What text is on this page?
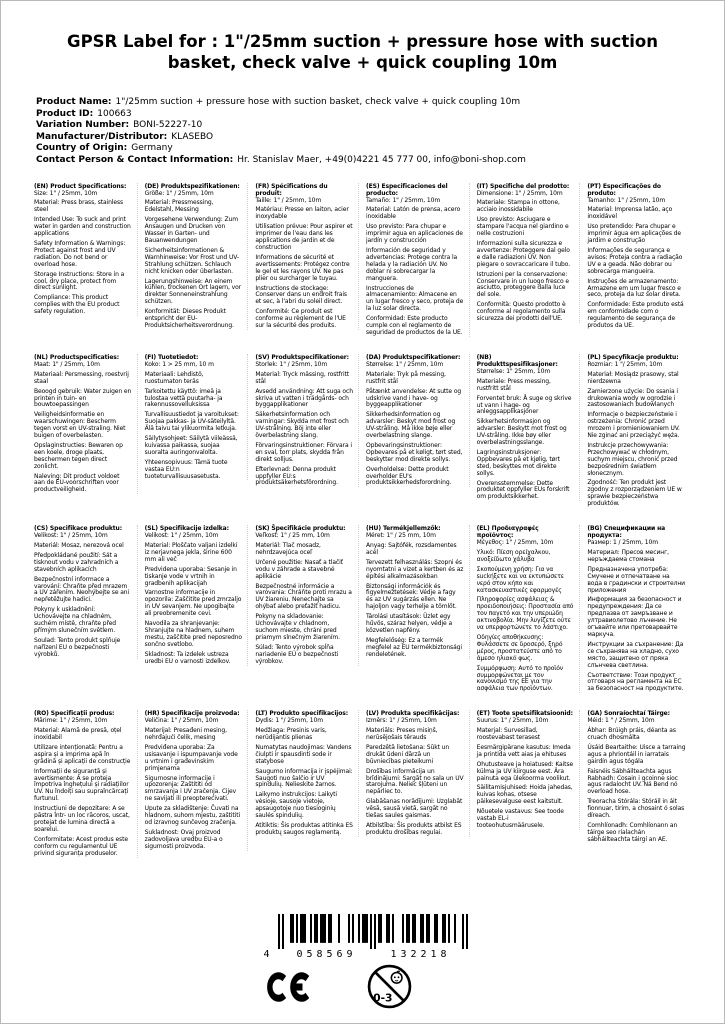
GPSR Label for : 1"/25mm suction + pressure hose with suction basket, check valve + quick coupling 10m
Product Name: 1"/25mm suction + pressure hose with suction basket, check valve + quick coupling 10m
Product ID: 100663
Variation Number: BONI-52227-10
Manufacturer/Distributor: KLASEBO
Country of Origin: Germany
Contact Person & Contact Information: Hr. Stanislav Maer, +49(0)4221 45 777 00, info@boni-shop.com
(EN) Product Specifications:

Size: 1" / 25mm, 10m

Material: Press brass, stainless steel

Intended Use: To suck and print water in garden and construction applications

Safety Information & Warnings: Protect against frost and UV radiation. Do not bend or overload hose.

Storage Instructions: Store in a cool, dry place, protect from direct sunlight.

Compliance: This product complies with the EU product safety regulation.

(DE) Produktspezifikationen:

Größe: 1" / 25mm, 10m

Material: Pressmessing, Edelstahl, Messing

Vorgesehene Verwendung: Zum Ansaugen und Drucken von Wasser in Garten- und Bauanwendungen

Sicherheitsinformationen & Warnhinweise: Vor Frost und UV-Strahlung schützen. Schlauch nicht knicken oder überlasten.

Lagerungshinweise: An einem kühlen, trockenen Ort lagern, vor direkter Sonneneinstrahlung schützen.

Konformität: Dieses Produkt entspricht der EU-Produktsicherheitsverordnung.

(FR) Spécifications du produit:

Taille: 1" / 25mm, 10m

Matériau: Presse en laiton, acier inoxydable

Utilisation prévue: Pour aspirer et imprimer de l'eau dans les applications de jardin et de construction

Informations de sécurité et avertissements: Protégez contre le gel et les rayons UV. Ne pas plier ou surcharger le tuyau.

Instructions de stockage: Conserver dans un endroit frais et sec, à l'abri du soleil direct.

Conformité: Ce produit est conforme au règlement de l'UE sur la sécurité des produits.

(ES) Especificaciones del producto:

Tamaño: 1" / 25mm, 10m

Material: Latón de prensa, acero inoxidable

Uso previsto: Para chupar e imprimir agua en aplicaciones de jardín y construcción

Información de seguridad y advertencias: Protege contra la helada y la radiación UV. No doblar ni sobrecargar la manguera.

Instrucciones de almacenamiento: Almacene en un lugar fresco y seco, proteja de la luz solar directa.

Conformidad: Este producto cumple con el reglamento de seguridad de productos de la UE.

(IT) Specifiche del prodotto:

Dimensione: 1" / 25mm, 10m

Materiale: Stampa in ottone, acciaio inossidabile

Uso previsto: Asciugare e stampare l'acqua nel giardino e nelle costruzioni

Informazioni sulla sicurezza e avvertenze: Proteggere dal gelo e dalle radiazioni UV. Non piegare o sovraccaricare il tubo.

Istruzioni per la conservazione: Conservare in un luogo fresco e asciutto, proteggere dalla luce del sole.

Conformità: Questo prodotto è conforme al regolamento sulla sicurezza dei prodotti dell'UE.

(PT) Especificações do produto:

Tamanho: 1" / 25mm, 10m

Material: Imprensa latão, aço inoxidável

Uso pretendido: Para chupar e imprimir água em aplicações de jardim e construção

Informações de segurança e avisos: Proteja contra a radiação UV e a geada. Não dobrar ou sobrecarga mangueira.

Instruções de armazenamento: Armazene em um lugar fresco e seco, proteja da luz solar direta.

Conformidade: Este produto está em conformidade com o regulamento de segurança de produtos da UE.

(NL) Productspecificaties:

Maat: 1" / 25mm, 10m

Materiaal: Persmessing, roestvrij staal

Beoogd gebruik: Water zuigen en printen in tuin- en bouwtoepassingen

Veiligheidsinformatie en waarschuwingen: Bescherm tegen vorst en UV-straling. Niet buigen of overbelasten.

Opslaginstructies: Bewaren op een koele, droge plaats, beschermen tegen direct zonlicht.

Naleving: Dit product voldoet aan de EU-voorschriften voor productveiligheid.

(FI) Tuotetiedot:

Koko: 1 > 25 mm, 10 m

Materiaali: Lehdistö, ruostumaton teräs

Tarkoitettu käyttö: imeä ja tulostaa vettä puutarha- ja rakennussovelluksissa

Turvallisuustiedot ja varoitukset: Suojaa pakkas- ja UV-säteilyltä. Älä taivu tai ylikuormita letkuja.

Säilytysohjeet: Säilytä viileässä, kuivassa paikassa, suojaa suoralta auringonvalolta.

Yhteensopivuus: Tämä tuote vastaa EU:n tuoteturvallisuusasetusta.

(SV) Produktspecifikationer:

Storlek: 1" / 25mm, 10m

Material: Tryck mässing, rostfritt stål

Avsedd användning: Att suga och skriva ut vatten i trädgårds- och byggapplikationer

Säkerhetsinformation och varningar: Skydda mot frost och UV-strålning. Böj inte eller överbelastning slang.

Förvaringsinstruktioner: Förvara i en sval, torr plats, skydda från direkt solljus.

Efterlevnad: Denna produkt uppfyller EU:s produktsäkerhetsförordning.

(DA) Produktspecifikationer:

Størrelse: 1" / 25mm, 10m

Materiale: Tryk på messing, rustfrit stål

Påtænkt anvendelse: At sutte og udskrive vand i have- og byggeapplikationer

Sikkerhedsinformation og advarsler: Beskyt mod frost og UV-stråling. Må ikke bøje eller overbelastning slange.

Opbevaringsinstruktioner: Opbevares på et køligt, tørt sted, beskytter mod direkte sollys.

Overholdelse: Dette produkt overholder EU's produktsikkerhedsforordning.

(NB) Produkttspesifikasjoner:

Størrelse: 1" 25mm, 10m

Materiale: Press messing, rustfritt stål

Forventet bruk: Å suge og skrive ut vann i hage- og anleggsapplikasjoner

Sikkerhetsinformasjon og advarsler: Beskytt mot frost og UV-stråling. Ikke bøy eller overbelastningsslange.

Lagringsinstruksjoner: Oppbevares på et kjølig, tørt sted, beskyttes mot direkte sollys.

Overensstemmelse: Dette produktet oppfyller EUs forskrift om produktsikkerhet.

(PL) Specyfikacje produktu:

Rozmiar: 1 "/ 25mm, 10m

Materiał: Mosiądz prasowy, stal nierdzewna

Zamierzone użycie: Do ssania i drukowania wody w ogrodzie i zastosowaniach budowlanych

Informacje o bezpieczeństwie i ostrzeżenia: Chronić przed mrozem i promieniowaniem UV. Nie zginać ani przeciążyć węża.

Instrukcje przechowywania: Przechowywać w chłodnym, suchym miejscu, chronić przed bezpośrednim światłem słonecznym.

Zgodność: Ten produkt jest zgodny z rozporządzeniem UE w sprawie bezpieczeństwa produktów.

(CS) Specifikace produktu:

Velikost: 1" / 25mm, 10m

Materiál: Mosaz, nerezová ocel

Předpokládané použití: Sát a tisknout vodu v zahradních a stavebních aplikacích

Bezpečnostní informace a varování: Chraňte před mrazem a UV zářením. Neohýbejte se ani nepřetěžujte hadici.

Pokyny k uskladnění: Uchovávejte na chladném, suchém místě, chraňte před přímým slunečním světlem.

Soulad: Tento produkt splňuje nařízení EU o bezpečnosti výrobků.

(SL) Specifikacije izdelka:

Velikost: 1" / 25mm, 10m

Material: Ploščato valjani izdelki iz nerjavnega jekla, širine 600 mm ali več

Predvidena uporaba: Sesanje in tiskanje vode v vrtnih in gradbenih aplikacijah

Varnostne informacije in opozorila: Zaščitite pred zmrzaljo in UV sevanjem. Ne upogibajte ali preobremenite cevi.

Navodila za shranjevanje: Shranjujte na hladnem, suhem mestu, zaščitite pred neposredno sončno svetlobo.

Skladnost: Ta izdelek ustreza uredbi EU o varnosti izdelkov.

(SK) Špecifikácie produktu:

Veľkosť: 1" / 25 mm, 10m

Materiál: Tlač mosadz, nehrdzavejúca oceľ

Určené použitie: Nasať a tlačiť vodu v záhrade a stavebné aplikácie

Bezpečnostné informácie a varovania: Chráňte proti mrazu a UV žiareniu. Nenechajte sa ohýbať alebo preťažiť hadicu.

Pokyny na skladovanie: Uchovávajte v chladnom, suchom mieste, chráni pred priamym slnečným žiarením.

Súlad: Tento výrobok spĺňa nariadenie EÚ o bezpečnosti výrobkov.

(HU) Termékjellemzők:

Méret: 1" / 25 mm, 10m

Anyag: Sajtófék, rozsdamentes acél

Tervezett felhasználás: Szopni és nyomtatni a vizet a kertben és az építési alkalmazásokban

Biztonsági információk és figyelmeztetések: Védje a fagy és az UV sugárzás ellen. Ne hajoljon vagy terhelje a tömlőt.

Tárolási utasítások: Üzlet egy hűvös, száraz helyen, védje a közvetlen napfény.

Megfelelőség: Ez a termék megfelel az EU termékbiztonsági rendeletének.

(EL) Προδιαγραφές προϊόντος:

Μέγεθος: 1" / 25mm, 10m

Υλικό: Πίεση ορείχαλκου, ανοξείδωτο χάλυβα

Σκοπούμενη χρήση: Για να suckήξετε και να εκτυπώσετε νερό στον κήπο και κατασκευαστικές εφαρμογές

Πληροφορίες ασφάλειας & προειδοποιήσεις: Προστασία από τον παγετό και την υπεριώδη ακτινοβολία. Μην λυγίζετε ούτε να υπερφορτώνετε το λάστιχο.

Οδηγίες αποθήκευσης: Φυλάσσετε σε δροσερό, ξηρό μέρος, προστατεύστε από το άμεσο ηλιακό φως.

Συμμόρφωση: Αυτό το προϊόν συμμορφώνεται με τον κανονισμό της ΕΕ για την ασφάλεια των προϊόντων.

(BG) Спецификации на продукта:

Размер: 1 / 25mm, 10m

Материал: Пресов месинг, неръждаема стомана

Предназначена употреба: Смучене и отпечатване на вода в градински и строителни приложения

Информация за безопасност и предупреждения: Да се предпазва от замръзване и ултравиолетово лъчение. Не огъвайте или претоварвайте маркуча.

Инструкции за съхранение: Да се съхранява на хладно, сухо място, защитено от пряка слънчева светлина.

Съответствие: Този продукт отговаря на регламента на ЕС за безопасност на продуктите.

(RO) Specificații produs:

Mărime: 1" / 25mm, 10m

Material: Alamă de presă, oțel inoxidabil

Utilizare intenționată: Pentru a aspira și a imprima apă în grădină și aplicații de construcție

Informații de siguranță și avertismente: A se proteja împotriva înghețului și radiațiilor UV. Nu îndoiți sau supraîncărcați furtunul.

Instrucțiuni de depozitare: A se păstra într- un loc răcoros, uscat, protejat de lumina directă a soarelui.

Conformitate: Acest produs este conform cu regulamentul UE privind siguranța produselor.

(HR) Specifikacije proizvoda:

Veličina: 1" / 25mm, 10m

Materijal: Presađeni mesing, nehrđajući čelik, mesing

Predviđena uporaba: Za usisavanje i ispumpavanje vode u vrtnim i građevinskim primjenama

Sigurnosne informacije i upozorenja: Zaštititi od smrzavanja i UV zračenja. Cijev ne savijati ili preopterećivati.

Upute za skladištenje: Čuvati na hladnom, suhom mjestu, zaštititi od izravnog sunčevog zračenja.

Sukladnost: Ovaj proizvod zadovoljava uredbu EU-a o sigurnosti proizvoda.

(LT) Produkto specifikacijos:

Dydis: 1 "/ 25mm, 10m

Medžiaga: Presinis varis, nerūdijantis plienas

Numatytas naudojimas: Vandens čiulpti ir spausdinti sode ir statybose

Saugumo informacija ir įspėjimai: Saugoti nuo šalčio ir UV spindulių. Nelieskite žarnos.

Laikymo instrukcijos: Laikyti vėsioje, sausoje vietoje, apsaugotoje nuo tiesioginių saulės spindulių.

Atitiktis: Šis produktas atitinka ES produktų saugos reglamentą.

(LV) Produkta specifikācijas:

Izmērs: 1" / 25mm, 10m

Materiāls: Preses misiņš, nerūsējošais tērauds

Paredzētā lietošana: Sūkt un drukāt ūdeni dārzā un būvniecības pieteikumi

Drošības informācija un brīdinājumi: Sargāt no sala un UV starojuma. Neliec šļūteni un nepārliec to.

Glabāšanas norādījumi: Uzglabāt vēsā, sausā vietā, sargāt no tiešas saules gaismas.

Atbilstība: Šis produkts atbilst ES produktu drošības regulai.

(ET) Toote spetsifikatsioonid:

Suurus: 1" / 25mm, 10m

Materjal: Survesillad, roostevabast terasest

Eesmärgipärane kasutus: Imeda ja printida vett aias ja ehituses

Ohutusteave ja hoiatused: Kaitse külma ja UV kiirguse eest. Ära painuta ega ülekoorma voolikut.

Säilitamisjuhised: Hoida jahedas, kuivas kohas, otsese päikesevalguse eest kaitstult.

Nõuetele vastavus: See toode vastab EL-i tooteohutusmäärusele.

(GA) Sonraíochtaí Táirge:

Méid: 1 " / 25mm, 10m

Ábhar: Brúigh práis, déanta as cruach dhosmálta

Úsáid Beartaithe: Uisce a tarraing agus a phriontáil in iarratais gairdín agus tógála

Faisnéis Sábháilteachta agus Rabhadh: Cosain i gcoinne sioc agus radaíocht UV. Ná Bend nó overload hose.

Treoracha Stórála: Stóráil in áit fionnuar, tirim, a chosaint ó solas díreach.

Comhlíonadh: Comhlíonann an táirge seo rialachán sábháilteachta táirgí an AE.

4	058569	132218
0-3
